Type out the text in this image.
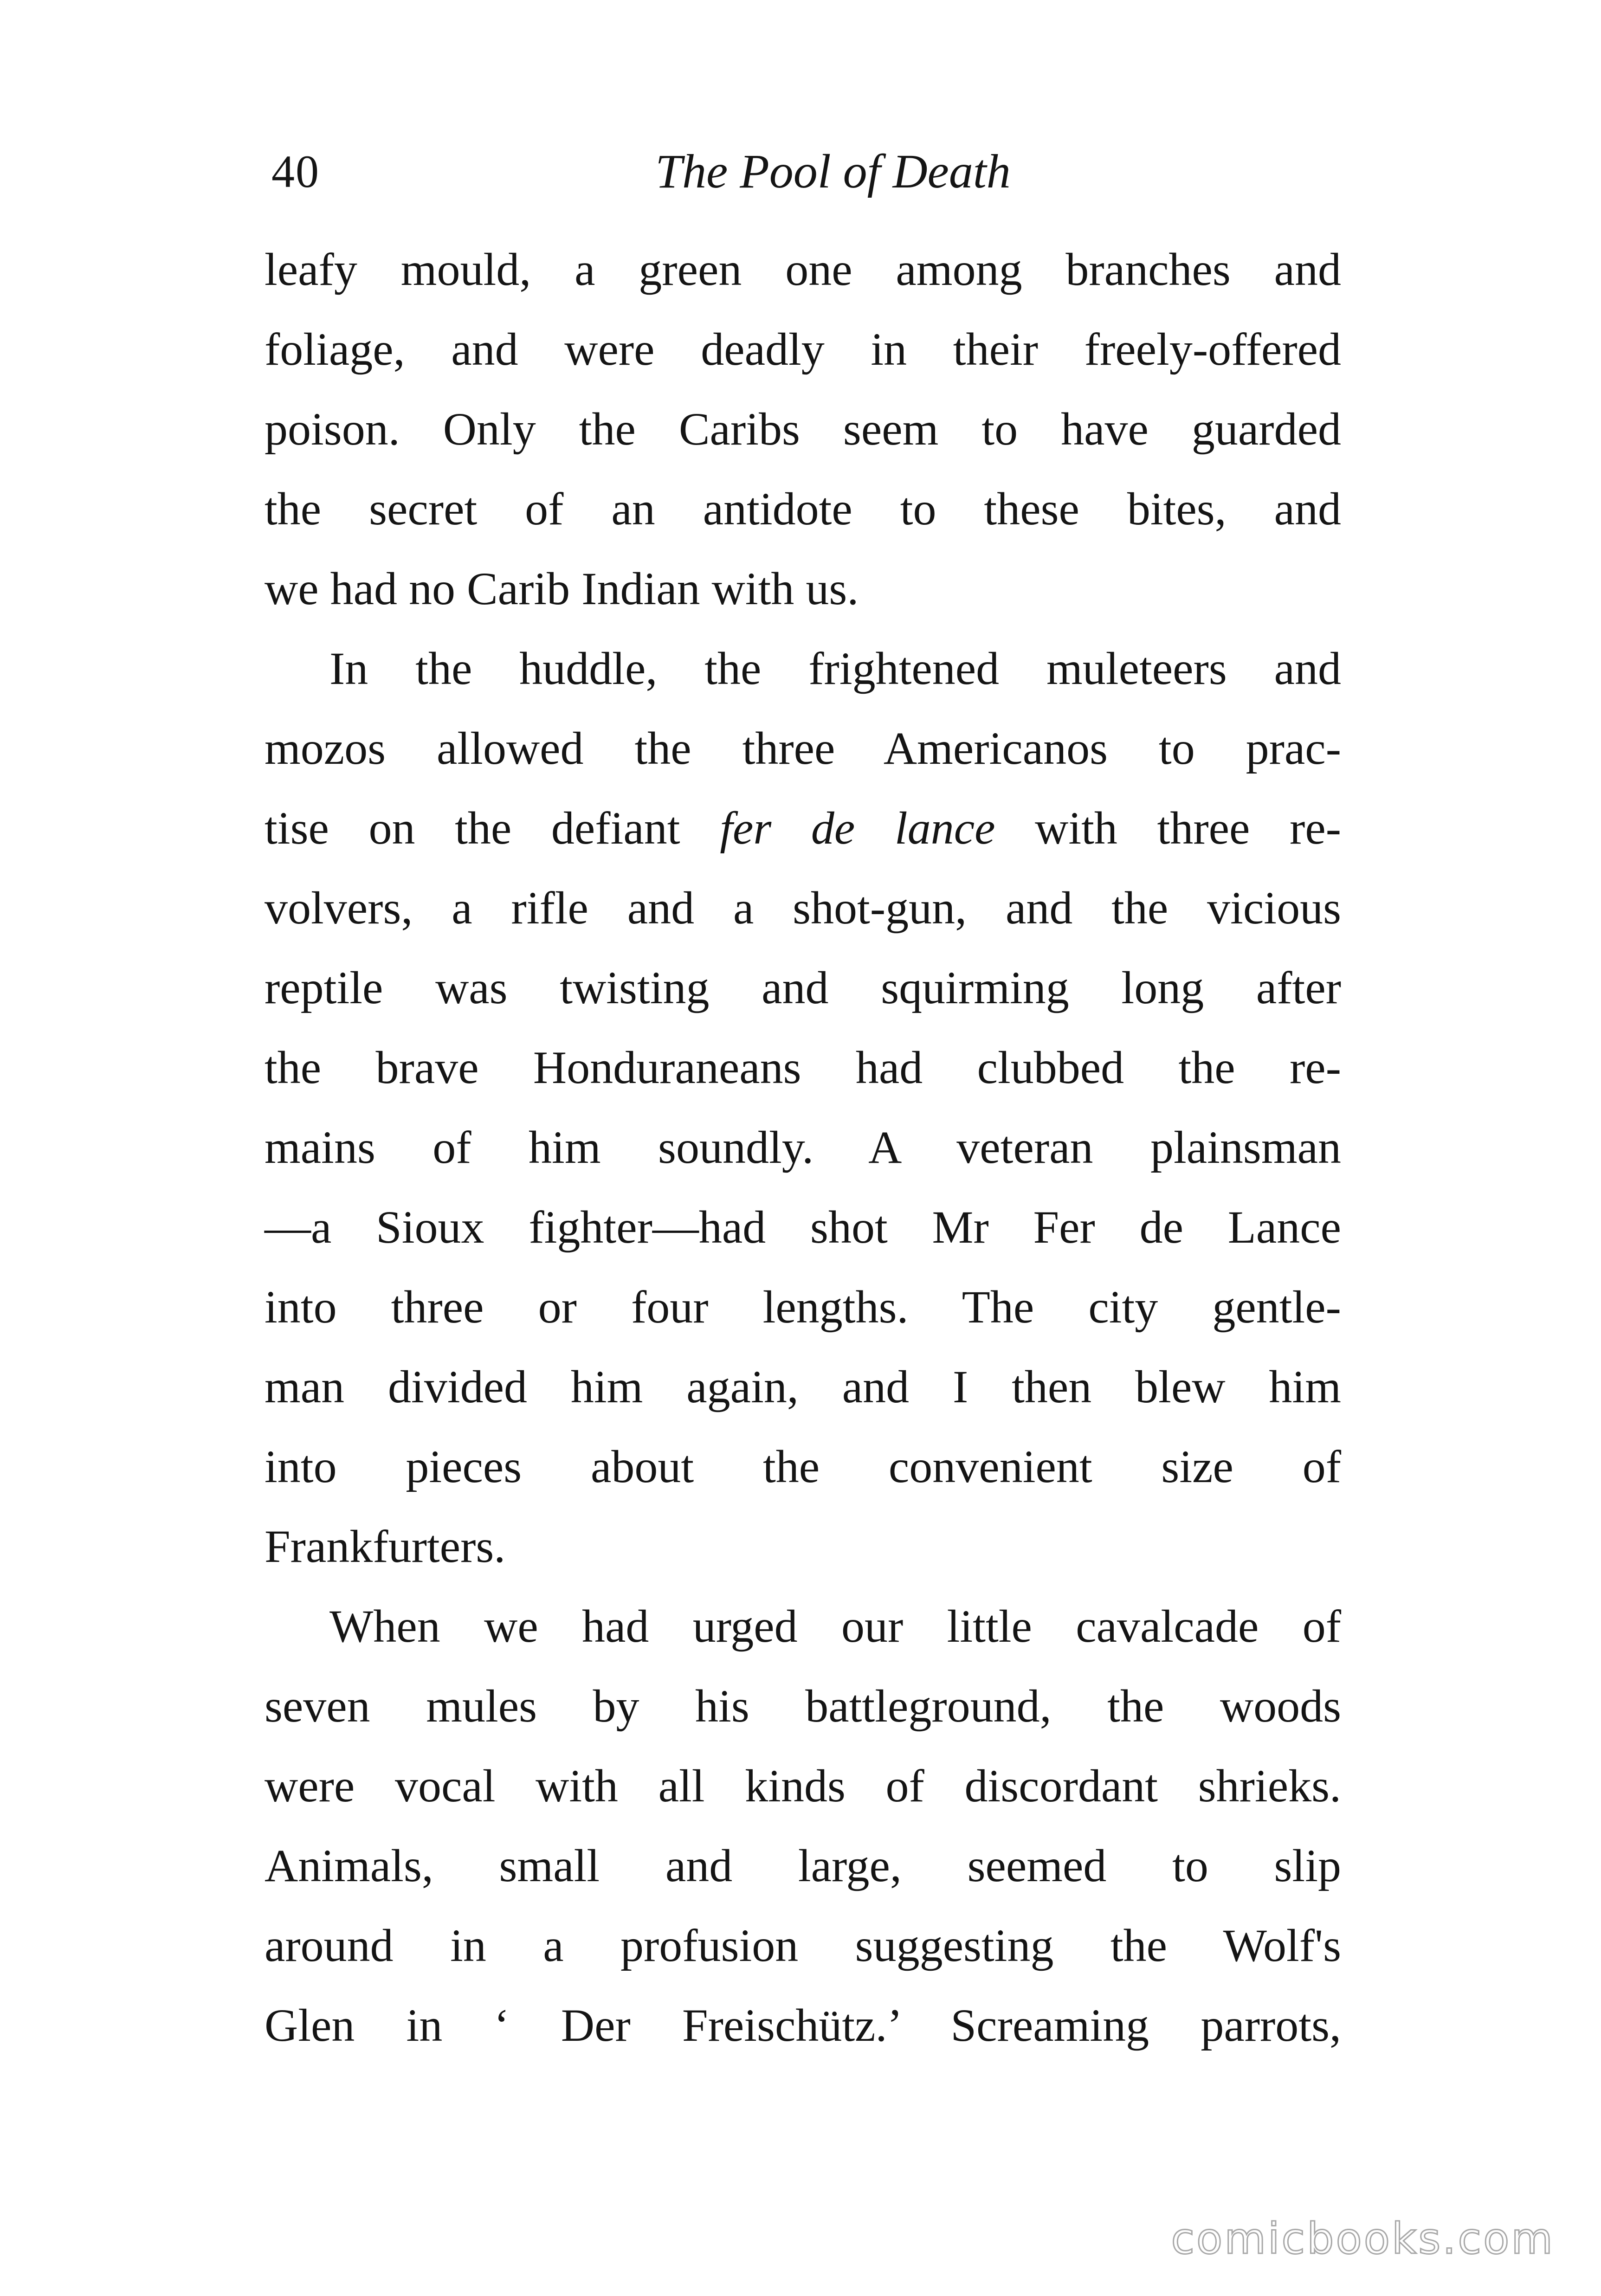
40	The Pool of Death
leafy mould, a green one among branches and
foliage, and were deadly in their freely-offered
poison. Only the Caribs seem to have guarded
the secret of an antidote to these bites, and
we had no Carib Indian with us.
In the huddle, the frightened muleteers and
mozos allowed the three Americanos to prac-
tise on the defiant fer de lance with three re-
volvers, a rifle and a shot-gun, and the vicious
reptile was twisting and squirming long after
the brave Honduraneans had clubbed the re-
mains of him soundly. A veteran plainsman
—a Sioux fighter—had shot Mr Fer de Lance
into three or four lengths. The city gentle-
man divided him again, and I then blew him
into pieces about the convenient size of
Frankfurters.
When we had urged our little cavalcade of
seven mules by his battleground, the woods
were vocal with all kinds of discordant shrieks.
Animals, small and large, seemed to slip
around in a profusion suggesting the Wolf's
Glen in ‘ Der Freischütz.’ Screaming parrots,
comicbooks.com
